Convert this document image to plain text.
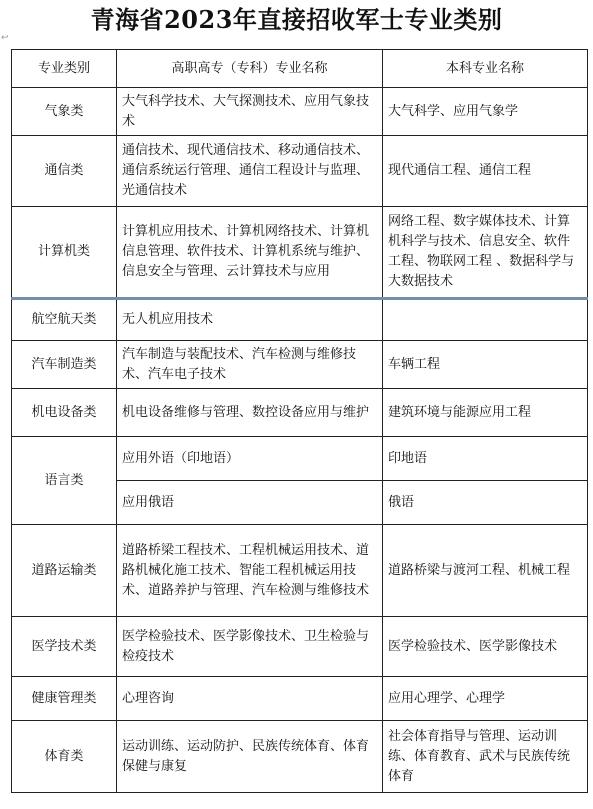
青海省2023年直接招收军士专业类别
↩
专业类别	高职高专（专科）专业名称	本科专业名称
气象类	大气科学技术、大气探测技术、应用气象技术	大气科学、应用气象学
通信类	通信技术、现代通信技术、移动通信技术、通信系统运行管理、通信工程设计与监理、光通信技术	现代通信工程、通信工程
计算机类	计算机应用技术、计算机网络技术、计算机信息管理、软件技术、计算机系统与维护、信息安全与管理、云计算技术与应用	网络工程、数字媒体技术、计算机科学与技术、信息安全、软件工程、物联网工程 、数据科学与大数据技术
航空航天类	无人机应用技术	
汽车制造类	汽车制造与装配技术、汽车检测与维修技术、汽车电子技术	车辆工程
机电设备类	机电设备维修与管理、数控设备应用与维护	建筑环境与能源应用工程
语言类	应用外语（印地语）	印地语
	应用俄语	俄语
道路运输类	道路桥梁工程技术、工程机械运用技术、道路机械化施工技术、智能工程机械运用技术、道路养护与管理、汽车检测与维修技术	道路桥梁与渡河工程、机械工程
医学技术类	医学检验技术、医学影像技术、卫生检验与检疫技术	医学检验技术、医学影像技术
健康管理类	心理咨询	应用心理学、心理学
体育类	运动训练、运动防护、民族传统体育、体育保健与康复	社会体育指导与管理、运动训练、体育教育、武术与民族传统体育
